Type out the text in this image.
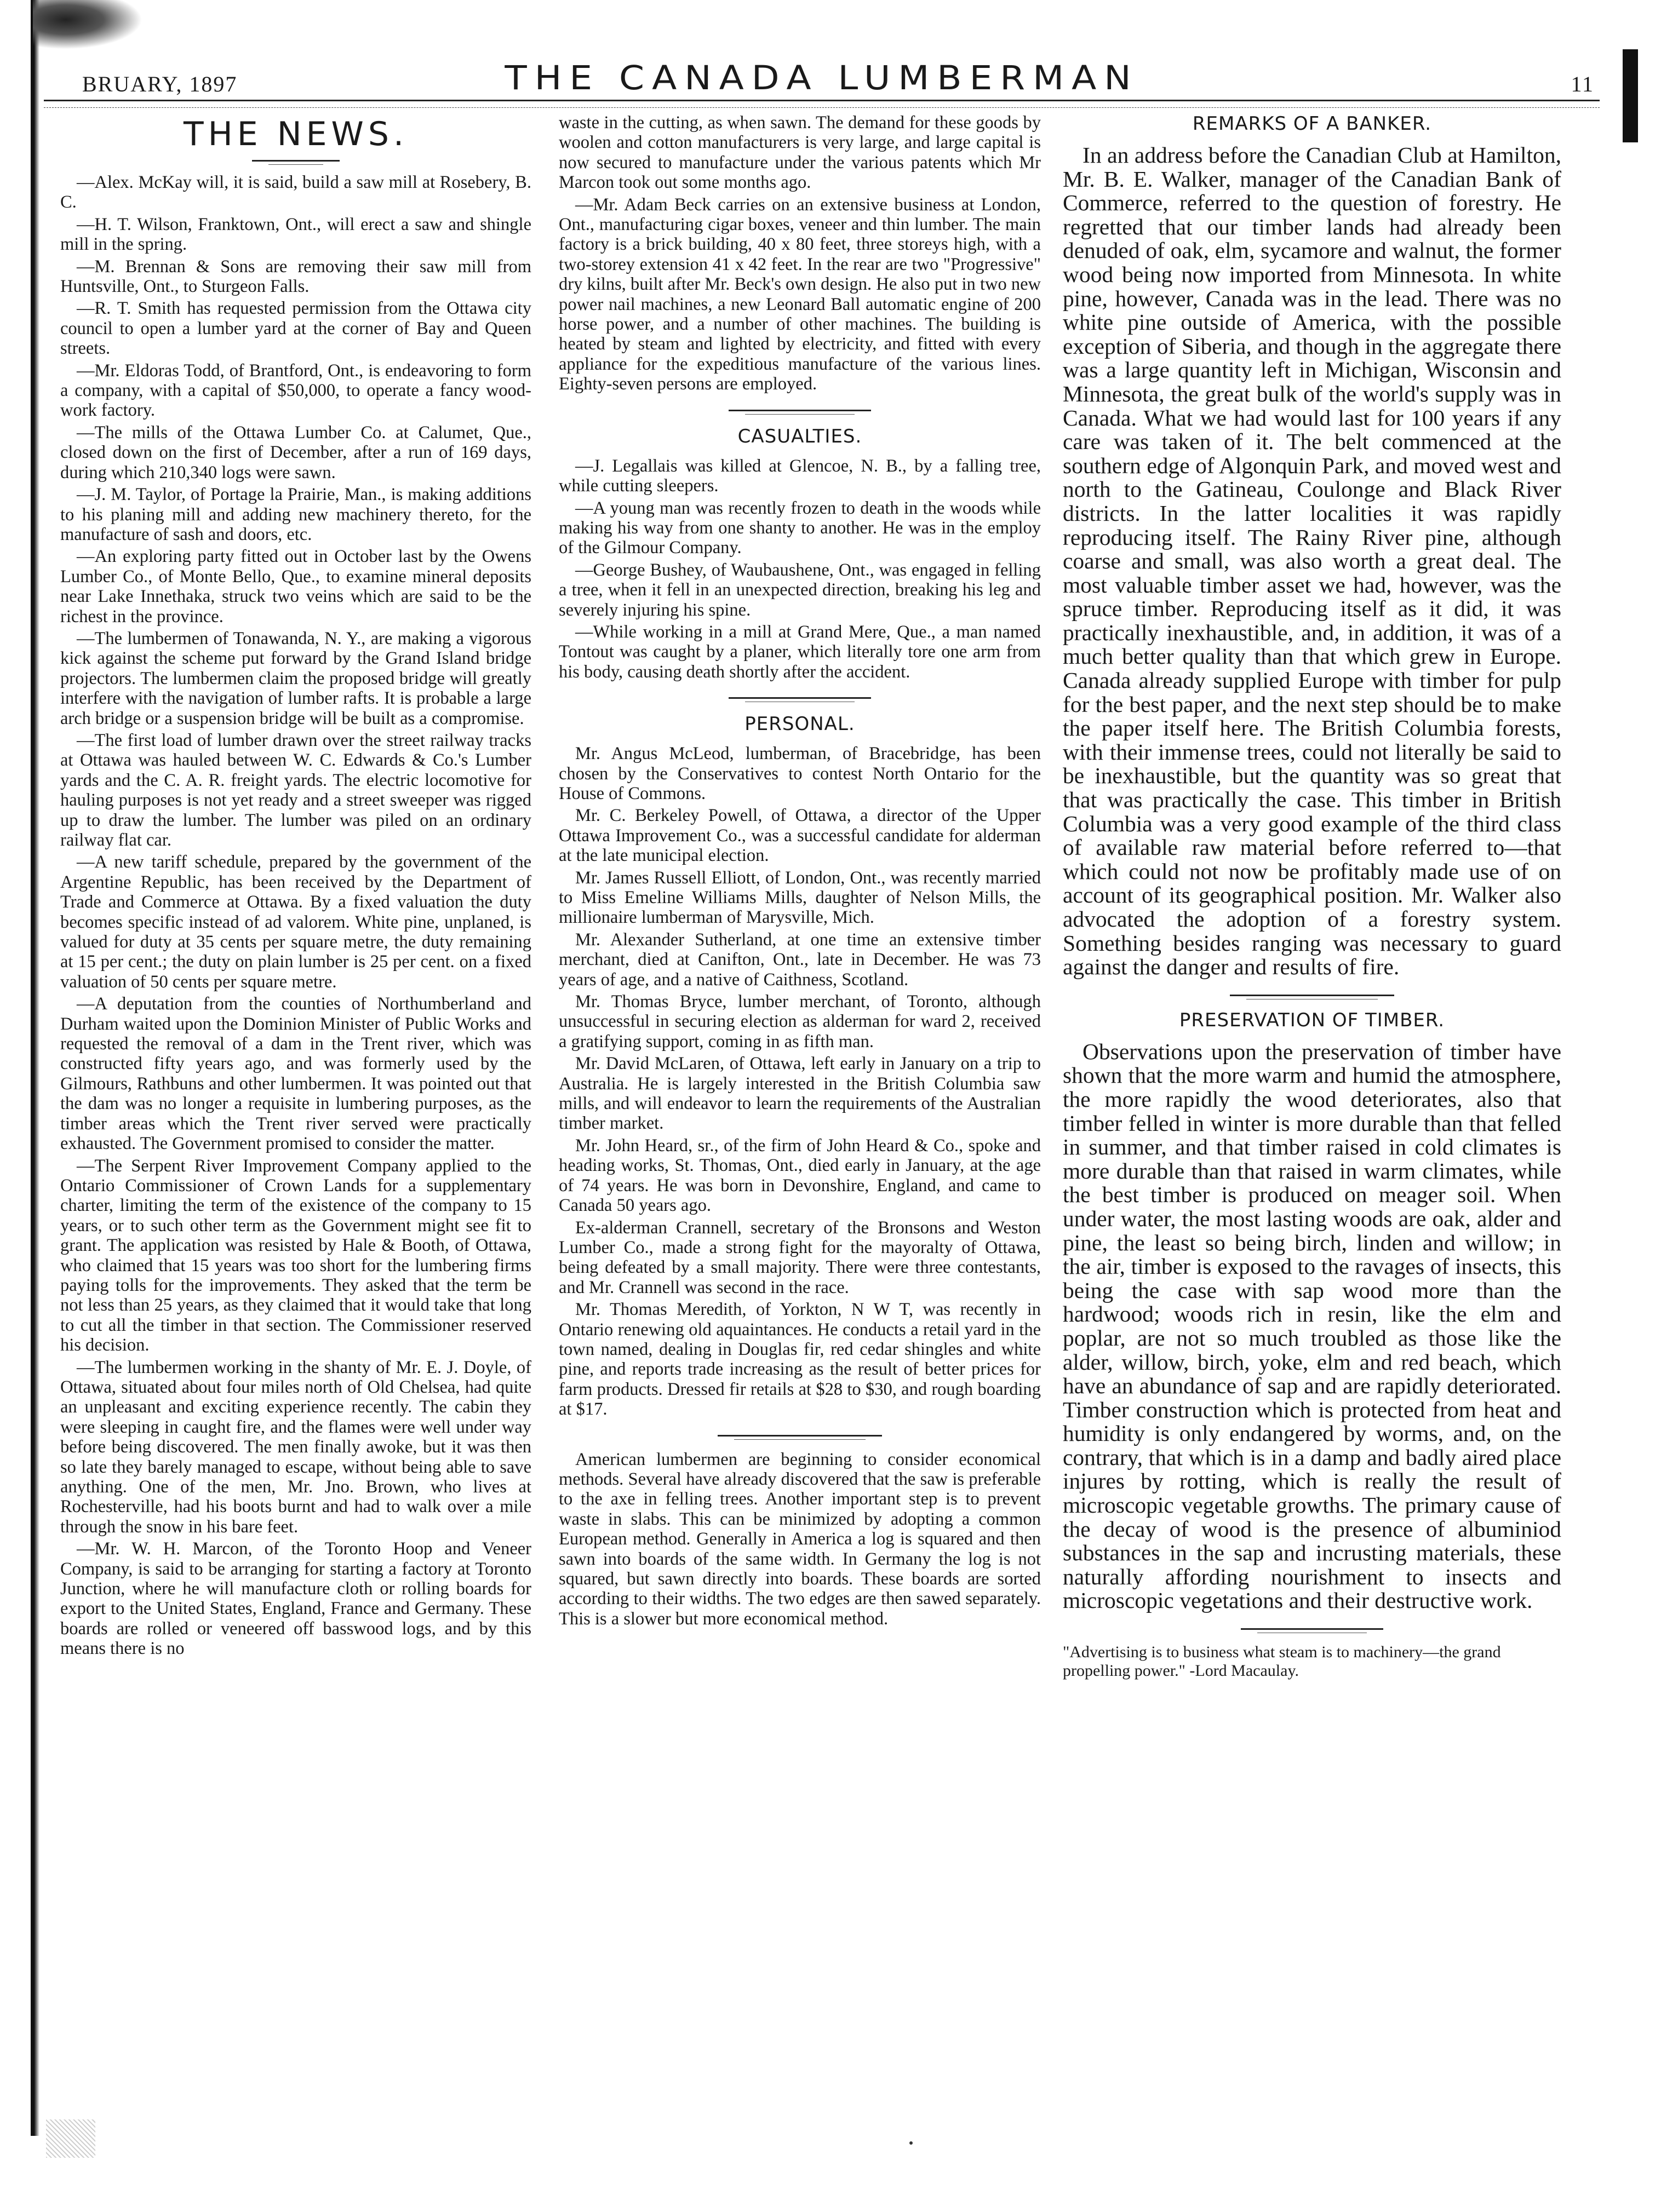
BRUARY, 1897	THE CANADA LUMBERMAN	11
THE NEWS.

—Alex. McKay will, it is said, build a saw mill at Rosebery, B. C.

—H. T. Wilson, Franktown, Ont., will erect a saw and shingle mill in the spring.

—M. Brennan & Sons are removing their saw mill from Huntsville, Ont., to Sturgeon Falls.

—R. T. Smith has requested permission from the Ottawa city council to open a lumber yard at the corner of Bay and Queen streets.

—Mr. Eldoras Todd, of Brantford, Ont., is endeavoring to form a company, with a capital of $50,000, to operate a fancy wood-work factory.

—The mills of the Ottawa Lumber Co. at Calumet, Que., closed down on the first of December, after a run of 169 days, during which 210,340 logs were sawn.

—J. M. Taylor, of Portage la Prairie, Man., is making additions to his planing mill and adding new machinery thereto, for the manufacture of sash and doors, etc.

—An exploring party fitted out in October last by the Owens Lumber Co., of Monte Bello, Que., to examine mineral deposits near Lake Innethaka, struck two veins which are said to be the richest in the province.

—The lumbermen of Tonawanda, N. Y., are making a vigorous kick against the scheme put forward by the Grand Island bridge projectors. The lumbermen claim the proposed bridge will greatly interfere with the navigation of lumber rafts. It is probable a large arch bridge or a suspension bridge will be built as a compromise.

—The first load of lumber drawn over the street railway tracks at Ottawa was hauled between W. C. Edwards & Co.'s Lumber yards and the C. A. R. freight yards. The electric locomotive for hauling purposes is not yet ready and a street sweeper was rigged up to draw the lumber. The lumber was piled on an ordinary railway flat car.

—A new tariff schedule, prepared by the government of the Argentine Republic, has been received by the Department of Trade and Commerce at Ottawa. By a fixed valuation the duty becomes specific instead of ad valorem. White pine, unplaned, is valued for duty at 35 cents per square metre, the duty remaining at 15 per cent.; the duty on plain lumber is 25 per cent. on a fixed valuation of 50 cents per square metre.

—A deputation from the counties of Northumberland and Durham waited upon the Dominion Minister of Public Works and requested the removal of a dam in the Trent river, which was constructed fifty years ago, and was formerly used by the Gilmours, Rathbuns and other lumbermen. It was pointed out that the dam was no longer a requisite in lumbering purposes, as the timber areas which the Trent river served were practically exhausted. The Government promised to consider the matter.

—The Serpent River Improvement Company applied to the Ontario Commissioner of Crown Lands for a supplementary charter, limiting the term of the existence of the company to 15 years, or to such other term as the Government might see fit to grant. The application was resisted by Hale & Booth, of Ottawa, who claimed that 15 years was too short for the lumbering firms paying tolls for the improvements. They asked that the term be not less than 25 years, as they claimed that it would take that long to cut all the timber in that section. The Commissioner reserved his decision.

—The lumbermen working in the shanty of Mr. E. J. Doyle, of Ottawa, situated about four miles north of Old Chelsea, had quite an unpleasant and exciting experience recently. The cabin they were sleeping in caught fire, and the flames were well under way before being discovered. The men finally awoke, but it was then so late they barely managed to escape, without being able to save anything. One of the men, Mr. Jno. Brown, who lives at Rochesterville, had his boots burnt and had to walk over a mile through the snow in his bare feet.

—Mr. W. H. Marcon, of the Toronto Hoop and Veneer Company, is said to be arranging for starting a factory at Toronto Junction, where he will manufacture cloth or rolling boards for export to the United States, England, France and Germany. These boards are rolled or veneered off basswood logs, and by this means there is no

waste in the cutting, as when sawn. The demand for these goods by woolen and cotton manufacturers is very large, and large capital is now secured to manufacture under the various patents which Mr Marcon took out some months ago.

—Mr. Adam Beck carries on an extensive business at London, Ont., manufacturing cigar boxes, veneer and thin lumber. The main factory is a brick building, 40 x 80 feet, three storeys high, with a two-storey extension 41 x 42 feet. In the rear are two "Progressive" dry kilns, built after Mr. Beck's own design. He also put in two new power nail machines, a new Leonard Ball automatic engine of 200 horse power, and a number of other machines. The building is heated by steam and lighted by electricity, and fitted with every appliance for the expeditious manufacture of the various lines. Eighty-seven persons are employed.

CASUALTIES.

—J. Legallais was killed at Glencoe, N. B., by a falling tree, while cutting sleepers.

—A young man was recently frozen to death in the woods while making his way from one shanty to another. He was in the employ of the Gilmour Company.

—George Bushey, of Waubaushene, Ont., was engaged in felling a tree, when it fell in an unexpected direction, breaking his leg and severely injuring his spine.

—While working in a mill at Grand Mere, Que., a man named Tontout was caught by a planer, which literally tore one arm from his body, causing death shortly after the accident.

PERSONAL.

Mr. Angus McLeod, lumberman, of Bracebridge, has been chosen by the Conservatives to contest North Ontario for the House of Commons.

Mr. C. Berkeley Powell, of Ottawa, a director of the Upper Ottawa Improvement Co., was a successful candidate for alderman at the late municipal election.

Mr. James Russell Elliott, of London, Ont., was recently married to Miss Emeline Williams Mills, daughter of Nelson Mills, the millionaire lumberman of Marysville, Mich.

Mr. Alexander Sutherland, at one time an extensive timber merchant, died at Canifton, Ont., late in December. He was 73 years of age, and a native of Caithness, Scotland.

Mr. Thomas Bryce, lumber merchant, of Toronto, although unsuccessful in securing election as alderman for ward 2, received a gratifying support, coming in as fifth man.

Mr. David McLaren, of Ottawa, left early in January on a trip to Australia. He is largely interested in the British Columbia saw mills, and will endeavor to learn the requirements of the Australian timber market.

Mr. John Heard, sr., of the firm of John Heard & Co., spoke and heading works, St. Thomas, Ont., died early in January, at the age of 74 years. He was born in Devonshire, England, and came to Canada 50 years ago.

Ex-alderman Crannell, secretary of the Bronsons and Weston Lumber Co., made a strong fight for the mayoralty of Ottawa, being defeated by a small majority. There were three contestants, and Mr. Crannell was second in the race.

Mr. Thomas Meredith, of Yorkton, N W T, was recently in Ontario renewing old aquaintances. He conducts a retail yard in the town named, dealing in Douglas fir, red cedar shingles and white pine, and reports trade increasing as the result of better prices for farm products. Dressed fir retails at $28 to $30, and rough boarding at $17.

American lumbermen are beginning to consider economical methods. Several have already discovered that the saw is preferable to the axe in felling trees. Another important step is to prevent waste in slabs. This can be minimized by adopting a common European method. Generally in America a log is squared and then sawn into boards of the same width. In Germany the log is not squared, but sawn directly into boards. These boards are sorted according to their widths. The two edges are then sawed separately. This is a slower but more economical method.

REMARKS OF A BANKER.

In an address before the Canadian Club at Hamilton, Mr. B. E. Walker, manager of the Canadian Bank of Commerce, referred to the question of forestry. He regretted that our timber lands had already been denuded of oak, elm, sycamore and walnut, the former wood being now imported from Minnesota. In white pine, however, Canada was in the lead. There was no white pine outside of America, with the possible exception of Siberia, and though in the aggregate there was a large quantity left in Michigan, Wisconsin and Minnesota, the great bulk of the world's supply was in Canada. What we had would last for 100 years if any care was taken of it. The belt commenced at the southern edge of Algonquin Park, and moved west and north to the Gatineau, Coulonge and Black River districts. In the latter localities it was rapidly reproducing itself. The Rainy River pine, although coarse and small, was also worth a great deal. The most valuable timber asset we had, however, was the spruce timber. Reproducing itself as it did, it was practically inexhaustible, and, in addition, it was of a much better quality than that which grew in Europe. Canada already supplied Europe with timber for pulp for the best paper, and the next step should be to make the paper itself here. The British Columbia forests, with their immense trees, could not literally be said to be inexhaustible, but the quantity was so great that that was practically the case. This timber in British Columbia was a very good example of the third class of available raw material before referred to—that which could not now be profitably made use of on account of its geographical position. Mr. Walker also advocated the adoption of a forestry system. Something besides ranging was necessary to guard against the danger and results of fire.

PRESERVATION OF TIMBER.

Observations upon the preservation of timber have shown that the more warm and humid the atmosphere, the more rapidly the wood deteriorates, also that timber felled in winter is more durable than that felled in summer, and that timber raised in cold climates is more durable than that raised in warm climates, while the best timber is produced on meager soil. When under water, the most lasting woods are oak, alder and pine, the least so being birch, linden and willow; in the air, timber is exposed to the ravages of insects, this being the case with sap wood more than the hardwood; woods rich in resin, like the elm and poplar, are not so much troubled as those like the alder, willow, birch, yoke, elm and red beach, which have an abundance of sap and are rapidly deteriorated. Timber construction which is protected from heat and humidity is only endangered by worms, and, on the contrary, that which is in a damp and badly aired place injures by rotting, which is really the result of microscopic vegetable growths. The primary cause of the decay of wood is the presence of albuminiod substances in the sap and incrusting materials, these naturally affording nourishment to insects and microscopic vegetations and their destructive work.

"Advertising is to business what steam is to machinery—the grand propelling power." -Lord Macaulay.
